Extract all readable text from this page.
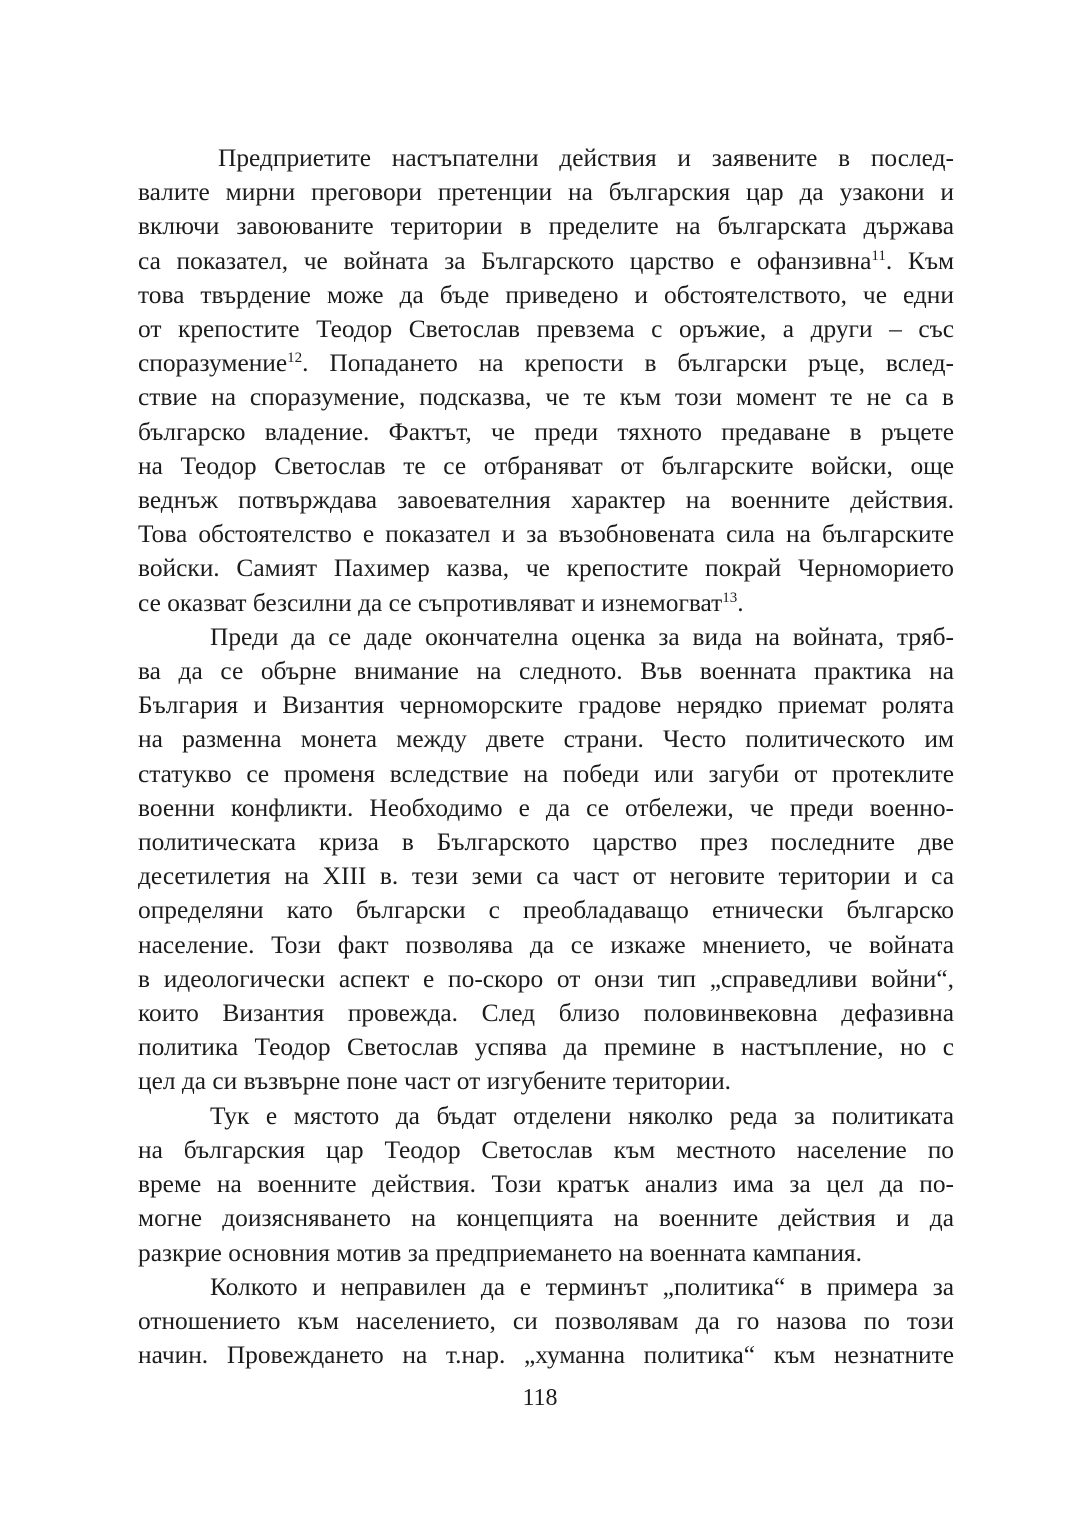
Предприетите настъпателни действия и заявените в послед-
валите мирни преговори претенции на българския цар да узакони и
включи завоюваните територии в пределите на българската държава
са показател, че войната за Българското царство е офанзивна$^{11}$. Към
това твърдение може да бъде приведено и обстоятелството, че едни
от крепостите Теодор Светослав превзема с оръжие, а други – със
споразумение$^{12}$. Попадането на крепости в български ръце, вслед-
ствие на споразумение, подсказва, че те към този момент те не са в
българско владение. Фактът, че преди тяхното предаване в ръцете
на Теодор Светослав те се отбраняват от българските войски, още
веднъж потвърждава завоевателния характер на военните действия.
Това обстоятелство е показател и за възобновената сила на българските
войски. Самият Пахимер казва, че крепостите покрай Черноморието
се оказват безсилни да се съпротивляват и изнемогват$^{13}$.
Преди да се даде окончателна оценка за вида на войната, тряб-
ва да се обърне внимание на следното. Във военната практика на
България и Византия черноморските градове нерядко приемат ролята
на разменна монета между двете страни. Често политическото им
статукво се променя вследствие на победи или загуби от протеклите
военни конфликти. Необходимо е да се отбележи, че преди военно-
политическата криза в Българското царство през последните две
десетилетия на XIII в. тези земи са част от неговите територии и са
определяни като български с преобладаващо етнически българско
население. Този факт позволява да се изкаже мнението, че войната
в идеологически аспект е по-скоро от онзи тип „справедливи войни“,
които Византия провежда. След близо половинвековна дефазивна
политика Теодор Светослав успява да премине в настъпление, но с
цел да си възвърне поне част от изгубените територии.
Тук е мястото да бъдат отделени няколко реда за политиката
на българския цар Теодор Светослав към местното население по
време на военните действия. Този кратък анализ има за цел да по-
могне доизясняването на концепцията на военните действия и да
разкрие основния мотив за предприемането на военната кампания.
Колкото и неправилен да е терминът „политика“ в примера за
отношението към населението, си позволявам да го назова по този
начин. Провеждането на т.нар. „хуманна политика“ към незнатните
118
